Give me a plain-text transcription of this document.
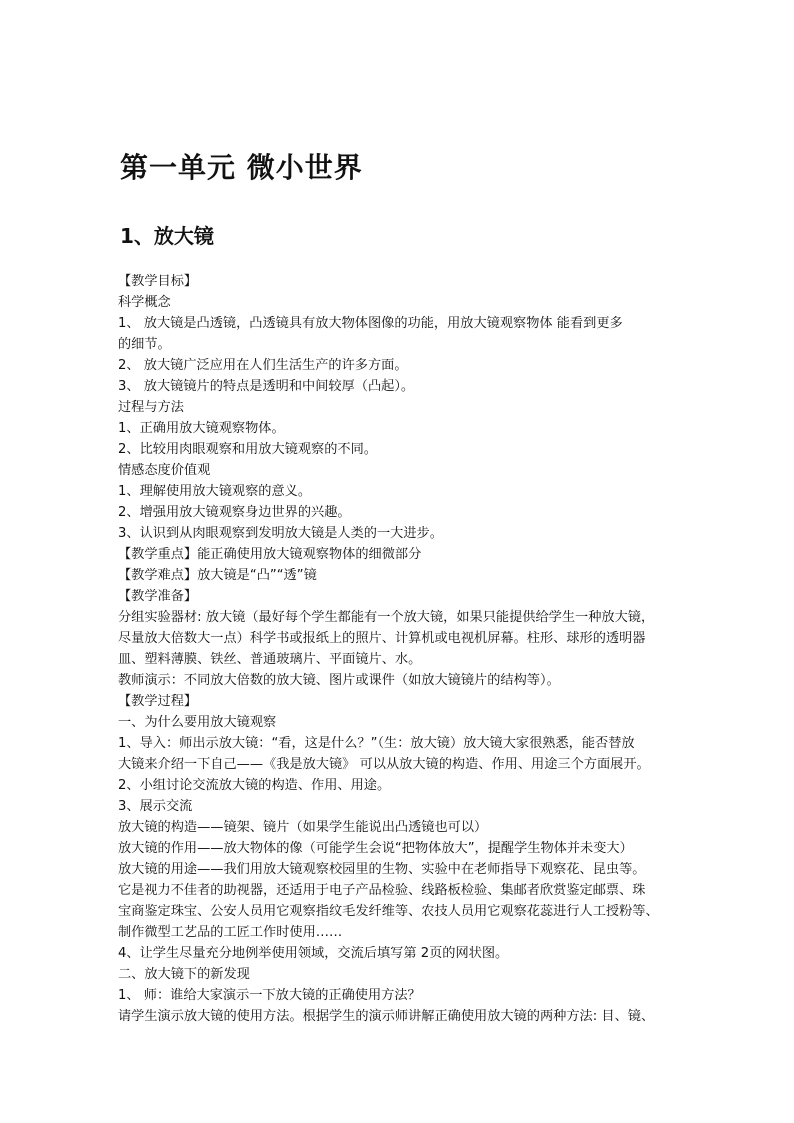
第一单元 微小世界
1、放大镜
【教学目标】
科学概念
1、 放大镜是凸透镜，凸透镜具有放大物体图像的功能，用放大镜观察物体 能看到更多
的细节。
2、 放大镜广泛应用在人们生活生产的许多方面。
3、 放大镜镜片的特点是透明和中间较厚（凸起）。
过程与方法
1、正确用放大镜观察物体。
2、比较用肉眼观察和用放大镜观察的不同。
情感态度价值观
1、理解使用放大镜观察的意义。
2、增强用放大镜观察身边世界的兴趣。
3、认识到从肉眼观察到发明放大镜是人类的一大进步。
【教学重点】能正确使用放大镜观察物体的细微部分
【教学难点】放大镜是“凸”“透”镜
【教学准备】
分组实验器材: 放大镜（最好每个学生都能有一个放大镜，如果只能提供给学生一种放大镜，
尽量放大倍数大一点）科学书或报纸上的照片、计算机或电视机屏幕。柱形、球形的透明器
皿、塑料薄膜、铁丝、普通玻璃片、平面镜片、水。
教师演示：不同放大倍数的放大镜、图片或课件（如放大镜镜片的结构等）。
【教学过程】
一、为什么要用放大镜观察
1、导入：师出示放大镜：“看，这是什么？”（生：放大镜）放大镜大家很熟悉，能否替放
大镜来介绍一下自己——《我是放大镜》 可以从放大镜的构造、作用、用途三个方面展开。
2、小组讨论交流放大镜的构造、作用、用途。
3、展示交流
放大镜的构造——镜架、镜片（如果学生能说出凸透镜也可以）
放大镜的作用——放大物体的像（可能学生会说“把物体放大”，提醒学生物体并未变大）
放大镜的用途——我们用放大镜观察校园里的生物、实验中在老师指导下观察花、昆虫等。
它是视力不佳者的助视器，还适用于电子产品检验、线路板检验、集邮者欣赏鉴定邮票、珠
宝商鉴定珠宝、公安人员用它观察指纹毛发纤维等、农技人员用它观察花蕊进行人工授粉等、
制作微型工艺品的工匠工作时使用……
4、让学生尽量充分地例举使用领域，交流后填写第 2页的网状图。
二、放大镜下的新发现
1、 师：谁给大家演示一下放大镜的正确使用方法？
请学生演示放大镜的使用方法。根据学生的演示师讲解正确使用放大镜的两种方法: 目、镜、
